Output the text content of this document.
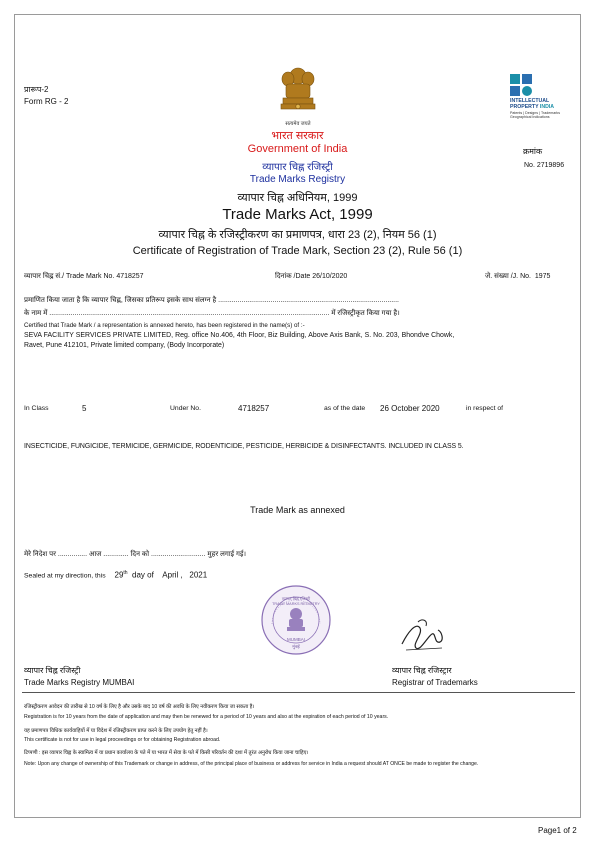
प्रारूप-2
Form RG - 2
सत्यमेव जयते
INTELLECTUAL
PROPERTY INDIA
Patents | Designs | Trademarks
Geographical Indications
भारत सरकार
Government of India
व्यापार चिह्न रजिस्ट्री
Trade Marks Registry
व्यापार चिह्न अधिनियम, 1999
Trade Marks Act, 1999
व्यापार चिह्न के रजिस्ट्रीकरण का प्रमाणपत्र, धारा 23 (2), नियम 56 (1)
Certificate of Registration of Trade Mark, Section 23 (2), Rule 56 (1)
क्रमांक
No. 2719896
व्यापार चिह्न सं./ Trade Mark No. 4718257	दिनांक /Date 26/10/2020	जे. संख्या /J. No. 1975
प्रमाणित किया जाता है कि व्यापार चिह्न, जिसका प्रतिरूप इसके साथ संलग्न है .............................................................................................
के नाम में ................................................................................................................................................ में रजिस्ट्रीकृत किया गया है।
Certified that Trade Mark / a representation is annexed hereto, has been registered in the name(s) of :-
SEVA FACILITY SERVICES PRIVATE LIMITED, Reg. office No.406, 4th Floor, Biz Building, Above Axis Bank, S. No. 203, Bhondve Chowk,
Ravet, Pune 412101, Private limited company, (Body Incorporate)
In Class	5	Under No.	4718257	as of the date 26 October 2020	in respect of
INSECTICIDE, FUNGICIDE, TERMICIDE, GERMICIDE, RODENTICIDE, PESTICIDE, HERBICIDE & DISINFECTANTS. INCLUDED IN CLASS 5.
Trade Mark as annexed
मेरे निदेश पर ............... आज ............. दिन को ............................ मुहर लगाई गई।
Sealed at my direction, this 29th day of April , 2021
व्यापार चिह्न रजिस्ट्री
TRADE MARKS REGISTRY
MUMBAI
मुंबई
व्यापार चिह्न रजिस्ट्री
Trade Marks Registry MUMBAI
व्यापार चिह्न रजिस्ट्रार
Registrar of Trademarks
रजिस्ट्रीकरण आवेदन की तारीख से 10 वर्ष के लिए है और उसके बाद 10 वर्ष की अवधि के लिए नवीकरण किया जा सकता है।
Registration is for 10 years from the date of application and may then be renewed for a period of 10 years and also at the expiration of each period of 10 years.
यह प्रमाणपत्र विधिक कार्यवाहियों में या विदेश में रजिस्ट्रीकरण प्राप्त करने के लिए उपयोग हेतु नहीं है।
This certificate is not for use in legal proceedings or for obtaining Registration abroad.
टिप्पणी : इस व्यापार चिह्न के स्वामित्व में या प्रधान कार्यालय के पते में या भारत में सेवा के पते में किसी परिवर्तन की दशा में तुरंत अनुरोध किया जाना चाहिए।
Note: Upon any change of ownership of this Trademark or change in address, of the principal place of business or address for service in India a request should AT ONCE be made to register the change.
Page1 of 2
